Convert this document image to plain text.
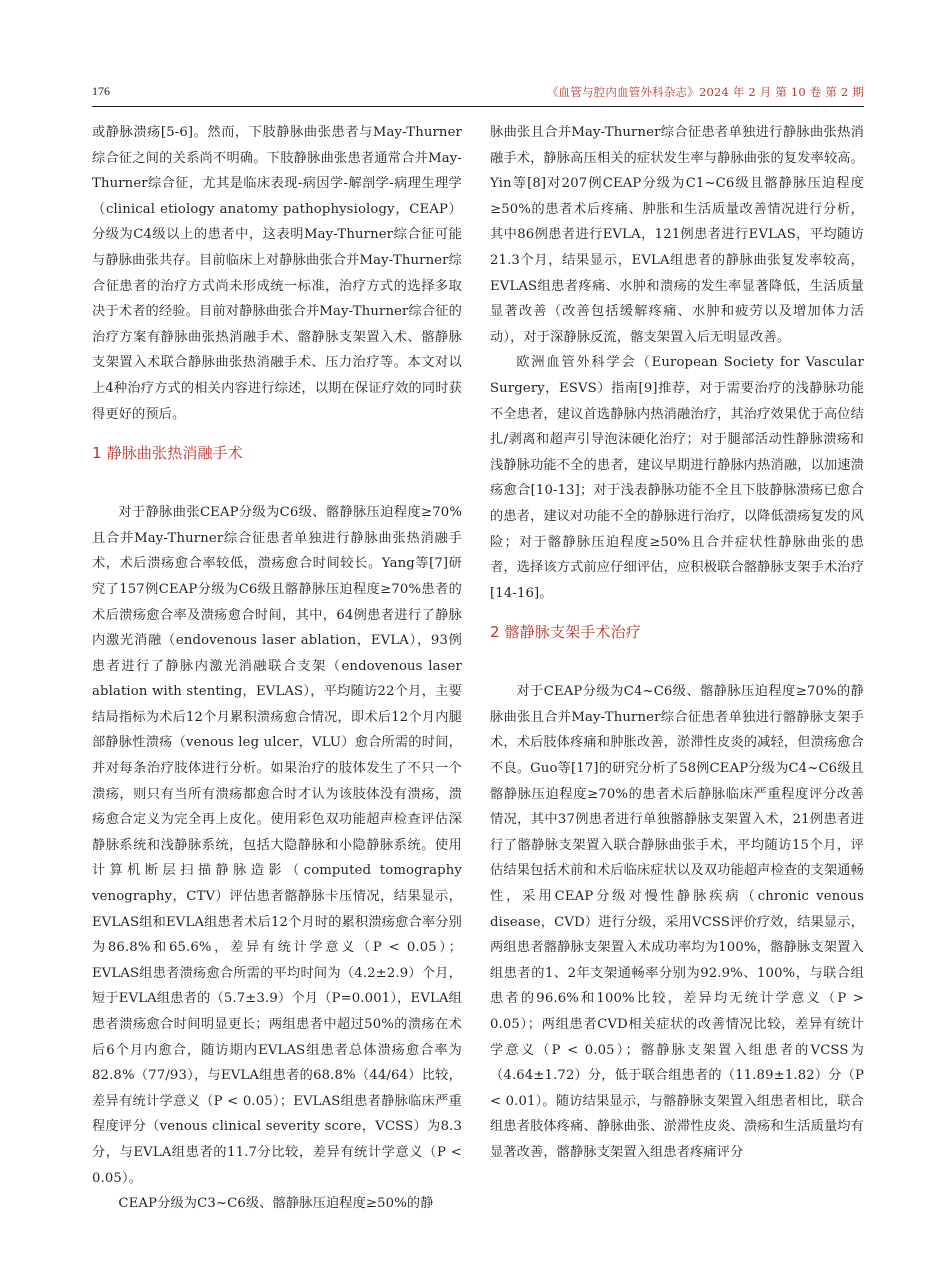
176	《血管与腔内血管外科杂志》2024 年 2 月 第 10 卷 第 2 期

或静脉溃疡[5-6]。然而，下肢静脉曲张患者与May-Thurner综合征之间的关系尚不明确。下肢静脉曲张患者通常合并May-Thurner综合征，尤其是临床表现-病因学-解剖学-病理生理学（clinical etiology anatomy pathophysiology，CEAP）分级为C4级以上的患者中，这表明May-Thurner综合征可能与静脉曲张共存。目前临床上对静脉曲张合并May-Thurner综合征患者的治疗方式尚未形成统一标准，治疗方式的选择多取决于术者的经验。目前对静脉曲张合并May-Thurner综合征的治疗方案有静脉曲张热消融手术、髂静脉支架置入术、髂静脉支架置入术联合静脉曲张热消融手术、压力治疗等。本文对以上4种治疗方式的相关内容进行综述，以期在保证疗效的同时获得更好的预后。

1 静脉曲张热消融手术

对于静脉曲张CEAP分级为C6级、髂静脉压迫程度≥70%且合并May-Thurner综合征患者单独进行静脉曲张热消融手术，术后溃疡愈合率较低，溃疡愈合时间较长。Yang等[7]研究了157例CEAP分级为C6级且髂静脉压迫程度≥70%患者的术后溃疡愈合率及溃疡愈合时间，其中，64例患者进行了静脉内激光消融（endovenous laser ablation，EVLA），93例患者进行了静脉内激光消融联合支架（endovenous laser ablation with stenting，EVLAS），平均随访22个月，主要结局指标为术后12个月累积溃疡愈合情况，即术后12个月内腿部静脉性溃疡（venous leg ulcer，VLU）愈合所需的时间，并对每条治疗肢体进行分析。如果治疗的肢体发生了不只一个溃疡，则只有当所有溃疡都愈合时才认为该肢体没有溃疡，溃疡愈合定义为完全再上皮化。使用彩色双功能超声检查评估深静脉系统和浅静脉系统，包括大隐静脉和小隐静脉系统。使用计算机断层扫描静脉造影（computed tomography venography，CTV）评估患者髂静脉卡压情况，结果显示，EVLAS组和EVLA组患者术后12个月时的累积溃疡愈合率分别为86.8%和65.6%，差异有统计学意义（P < 0.05）；EVLAS组患者溃疡愈合所需的平均时间为（4.2±2.9）个月，短于EVLA组患者的（5.7±3.9）个月（P=0.001），EVLA组患者溃疡愈合时间明显更长；两组患者中超过50%的溃疡在术后6个月内愈合，随访期内EVLAS组患者总体溃疡愈合率为82.8%（77/93），与EVLA组患者的68.8%（44/64）比较，差异有统计学意义（P < 0.05）；EVLAS组患者静脉临床严重程度评分（venous clinical severity score，VCSS）为8.3分，与EVLA组患者的11.7分比较，差异有统计学意义（P < 0.05）。

CEAP分级为C3~C6级、髂静脉压迫程度≥50%的静

脉曲张且合并May-Thurner综合征患者单独进行静脉曲张热消融手术，静脉高压相关的症状发生率与静脉曲张的复发率较高。Yin等[8]对207例CEAP分级为C1~C6级且髂静脉压迫程度≥50%的患者术后疼痛、肿胀和生活质量改善情况进行分析，其中86例患者进行EVLA，121例患者进行EVLAS，平均随访21.3个月，结果显示，EVLA组患者的静脉曲张复发率较高，EVLAS组患者疼痛、水肿和溃疡的发生率显著降低，生活质量显著改善（改善包括缓解疼痛、水肿和疲劳以及增加体力活动），对于深静脉反流，髂支架置入后无明显改善。

欧洲血管外科学会（European Society for Vascular Surgery，ESVS）指南[9]推荐，对于需要治疗的浅静脉功能不全患者，建议首选静脉内热消融治疗，其治疗效果优于高位结扎/剥离和超声引导泡沫硬化治疗；对于腿部活动性静脉溃疡和浅静脉功能不全的患者，建议早期进行静脉内热消融，以加速溃疡愈合[10-13]；对于浅表静脉功能不全且下肢静脉溃疡已愈合的患者，建议对功能不全的静脉进行治疗，以降低溃疡复发的风险；对于髂静脉压迫程度≥50%且合并症状性静脉曲张的患者，选择该方式前应仔细评估，应积极联合髂静脉支架手术治疗[14-16]。

2 髂静脉支架手术治疗

对于CEAP分级为C4~C6级、髂静脉压迫程度≥70%的静脉曲张且合并May-Thurner综合征患者单独进行髂静脉支架手术，术后肢体疼痛和肿胀改善，淤滞性皮炎的减轻，但溃疡愈合不良。Guo等[17]的研究分析了58例CEAP分级为C4~C6级且髂静脉压迫程度≥70%的患者术后静脉临床严重程度评分改善情况，其中37例患者进行单独髂静脉支架置入术，21例患者进行了髂静脉支架置入联合静脉曲张手术，平均随访15个月，评估结果包括术前和术后临床症状以及双功能超声检查的支架通畅性，采用CEAP分级对慢性静脉疾病（chronic venous disease，CVD）进行分级，采用VCSS评价疗效，结果显示，两组患者髂静脉支架置入术成功率均为100%，髂静脉支架置入组患者的1、2年支架通畅率分别为92.9%、100%，与联合组患者的96.6%和100%比较，差异均无统计学意义（P > 0.05）；两组患者CVD相关症状的改善情况比较，差异有统计学意义（P < 0.05）；髂静脉支架置入组患者的VCSS为（4.64±1.72）分，低于联合组患者的（11.89±1.82）分（P < 0.01）。随访结果显示，与髂静脉支架置入组患者相比，联合组患者肢体疼痛、静脉曲张、淤滞性皮炎、溃疡和生活质量均有显著改善，髂静脉支架置入组患者疼痛评分
